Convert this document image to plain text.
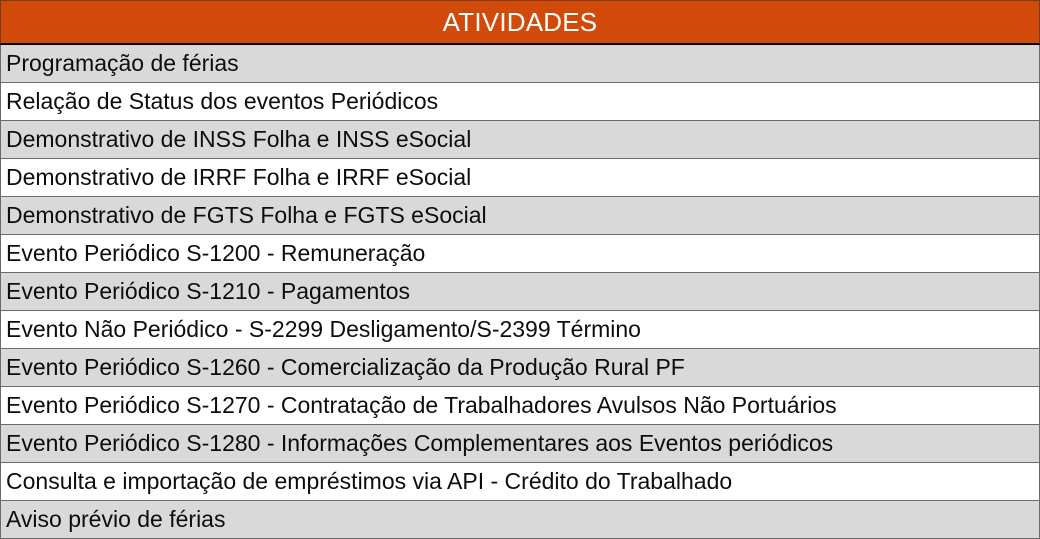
ATIVIDADES
Programação de férias
Relação de Status dos eventos Periódicos
Demonstrativo de INSS Folha e INSS eSocial
Demonstrativo de IRRF Folha e IRRF eSocial
Demonstrativo de FGTS Folha e FGTS eSocial
Evento Periódico S-1200 - Remuneração
Evento Periódico S-1210 - Pagamentos
Evento Não Periódico - S-2299 Desligamento/S-2399 Término
Evento Periódico S-1260 - Comercialização da Produção Rural PF
Evento Periódico S-1270 - Contratação de Trabalhadores Avulsos Não Portuários
Evento Periódico S-1280 - Informações Complementares aos Eventos periódicos
Consulta e importação de empréstimos via API - Crédito do Trabalhado
Aviso prévio de férias
